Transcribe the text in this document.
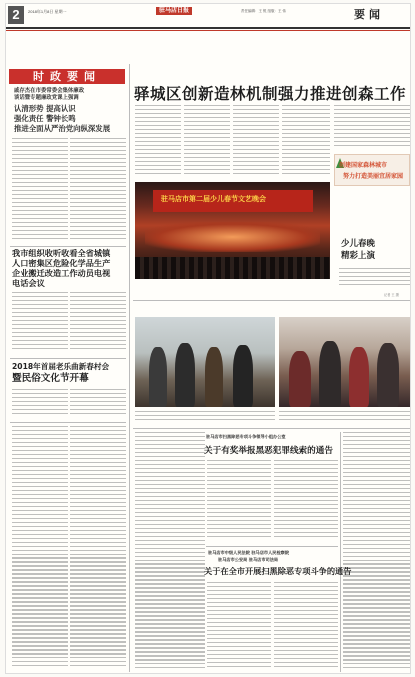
2	2018年1月8日 星期一	驻马店日报	责任编辑：王 锐 组版：王 伟	要闻
时政要闻
戚存杰在市委常委会集体廉政
谈话暨专题廉政党课上强调
认清形势 提高认识
强化责任 警钟长鸣
推进全面从严治党向纵深发展
我市组织收听收看全省城镇
人口密集区危险化学品生产
企业搬迁改造工作动员电视
电话会议
2018年首届老乐曲新春村会
暨民俗文化节开幕
驿城区创新造林机制强力推进创森工作
创建国家森林城市
努力打造美丽宜居家园
驻马店市第二届少儿春节文艺晚会
少儿春晚
精彩上演
记者 王 摄
驻马店市扫黑除恶专项斗争领导小组办公室
关于有奖举报黑恶犯罪线索的通告
驻马店市中级人民法院 驻马店市人民检察院
驻马店市公安局 驻马店市司法局
关于在全市开展扫黑除恶专项斗争的通告
